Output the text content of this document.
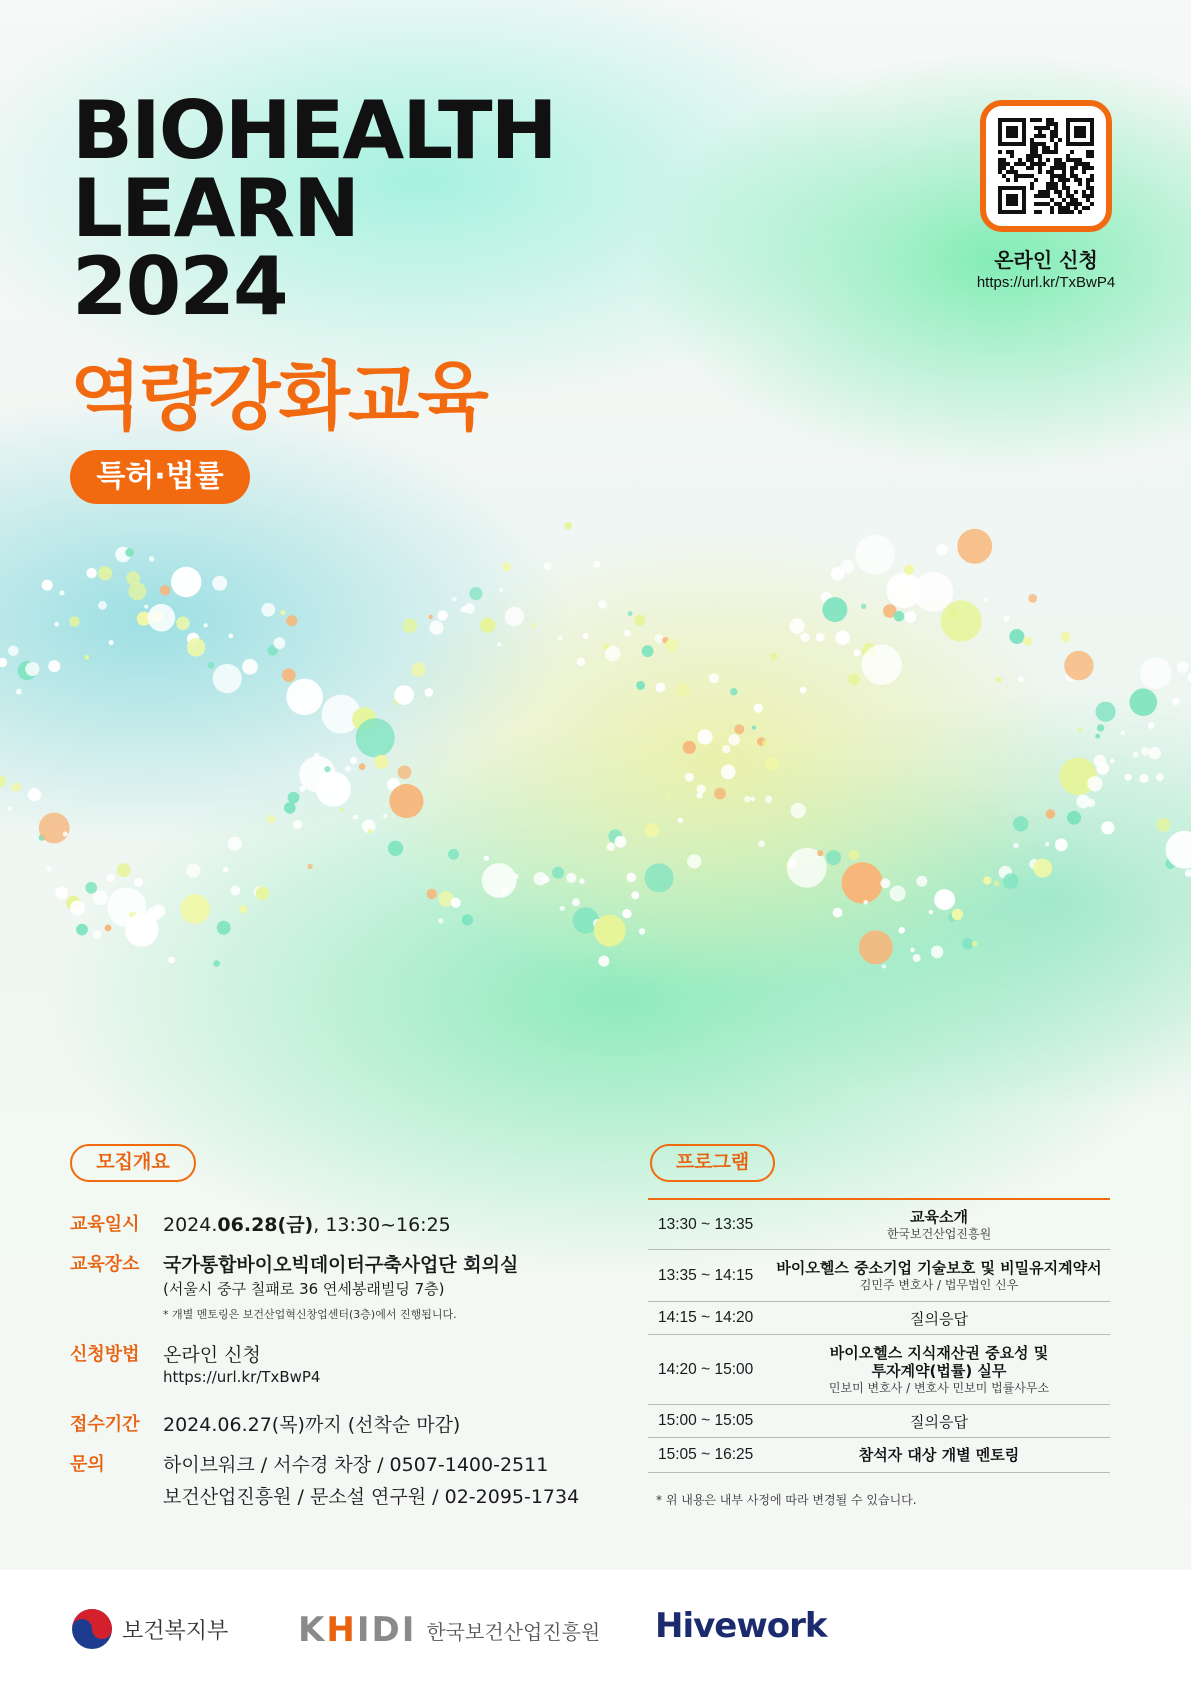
BIOHEALTH
LEARN
2024
역량강화교육
특허·법률
온라인 신청
https://url.kr/TxBwP4
모집개요
교육일시	2024.06.28(금), 13:30~16:25
교육장소	국가통합바이오빅데이터구축사업단 회의실
(서울시 중구 칠패로 36 연세봉래빌딩 7층)
* 개별 멘토링은 보건산업혁신창업센터(3층)에서 진행됩니다.
신청방법	온라인 신청
https://url.kr/TxBwP4
접수기간	2024.06.27(목)까지 (선착순 마감)
문의	하이브워크 / 서수경 차장 / 0507-1400-2511
보건산업진흥원 / 문소설 연구원 / 02-2095-1734
프로그램
13:30 ~ 13:35	교육소개
한국보건산업진흥원
13:35 ~ 14:15 바이오헬스 중소기업 기술보호 및 비밀유지계약서
김민주 변호사 / 법무법인 신우
14:15 ~ 14:20	질의응답
14:20 ~ 15:00
바이오헬스 지식재산권 중요성 및
투자계약(법률) 실무
민보미 변호사 / 변호사 민보미 법률사무소
15:00 ~ 15:05	질의응답
15:05 ~ 16:25	참석자 대상 개별 멘토링
* 위 내용은 내부 사정에 따라 변경될 수 있습니다.
보건복지부 KHIDI 한국보건산업진흥원 Hivework
